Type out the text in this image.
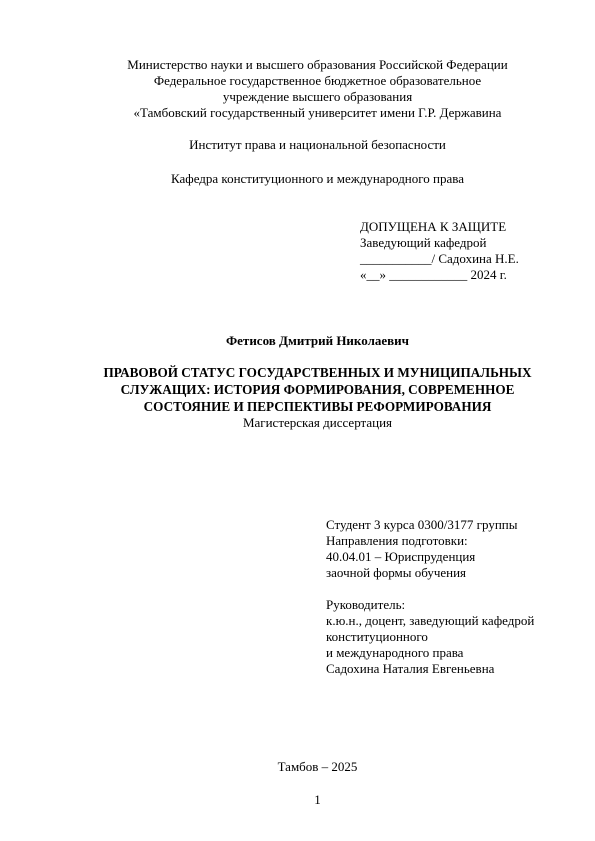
Министерство науки и высшего образования Российской Федерации
Федеральное государственное бюджетное образовательное
учреждение высшего образования
«Тамбовский государственный университет имени Г.Р. Державина
Институт права и национальной безопасности
Кафедра конституционного и международного права
ДОПУЩЕНА К ЗАЩИТЕ
Заведующий кафедрой
___________/ Садохина Н.Е.
«__» ____________ 2024 г.
Фетисов Дмитрий Николаевич
ПРАВОВОЙ СТАТУС ГОСУДАРСТВЕННЫХ И МУНИЦИПАЛЬНЫХ
СЛУЖАЩИХ: ИСТОРИЯ ФОРМИРОВАНИЯ, СОВРЕМЕННОЕ
СОСТОЯНИЕ И ПЕРСПЕКТИВЫ РЕФОРМИРОВАНИЯ
Магистерская диссертация
Студент 3 курса 0300/3177 группы
Направления подготовки:
40.04.01 – Юриспруденция
заочной формы обучения
Руководитель:
к.ю.н., доцент, заведующий кафедрой
конституционного
и международного права
Садохина Наталия Евгеньевна
Тамбов – 2025
1
